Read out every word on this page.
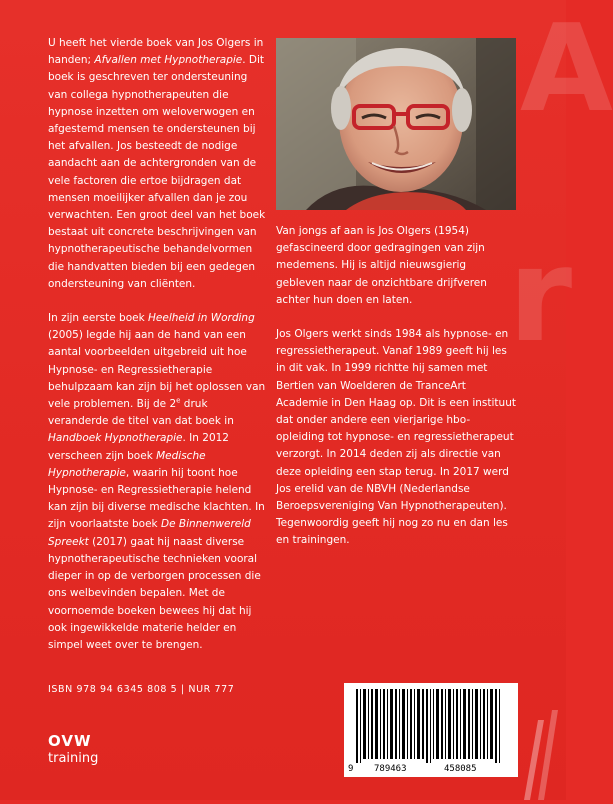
A
r

U heeft het vierde boek van Jos Olgers in handen; Afvallen met Hypnotherapie. Dit boek is geschreven ter ondersteuning van collega hypnotherapeuten die hypnose inzetten om weloverwogen en afgestemd mensen te ondersteunen bij het afvallen. Jos besteedt de nodige aandacht aan de achtergronden van de vele factoren die ertoe bijdragen dat mensen moeilijker afvallen dan je zou verwachten. Een groot deel van het boek bestaat uit concrete beschrijvingen van hypnotherapeutische behandelvormen die handvatten bieden bij een gedegen ondersteuning van cliënten.

In zijn eerste boek Heelheid in Wording (2005) legde hij aan de hand van een aantal voorbeelden uitgebreid uit hoe Hypnose- en Regressietherapie behulpzaam kan zijn bij het oplossen van vele problemen. Bij de 2e druk veranderde de titel van dat boek in Handboek Hypnotherapie. In 2012 verscheen zijn boek Medische Hypnotherapie, waarin hij toont hoe Hypnose- en Regressietherapie helend kan zijn bij diverse medische klachten. In zijn voorlaatste boek De Binnenwereld Spreekt (2017) gaat hij naast diverse hypnotherapeutische technieken vooral dieper in op de verborgen processen die ons welbevinden bepalen. Met de voornoemde boeken bewees hij dat hij ook ingewikkelde materie helder en simpel weet over te brengen.

Van jongs af aan is Jos Olgers (1954) gefascineerd door gedragingen van zijn medemens. Hij is altijd nieuwsgierig gebleven naar de onzichtbare drijfveren achter hun doen en laten.

Jos Olgers werkt sinds 1984 als hypnose- en regressietherapeut. Vanaf 1989 geeft hij les in dit vak. In 1999 richtte hij samen met Bertien van Woelderen de TranceArt Academie in Den Haag op. Dit is een instituut dat onder andere een vierjarige hbo-opleiding tot hypnose- en regressietherapeut verzorgt. In 2014 deden zij als directie van deze opleiding een stap terug. In 2017 werd Jos erelid van de NBVH (Nederlandse Beroepsvereniging Van Hypnotherapeuten). Tegenwoordig geeft hij nog zo nu en dan les en trainingen.

ISBN 978 94 6345 808 5 | NUR 777
OVW
training
9 789463	458085
